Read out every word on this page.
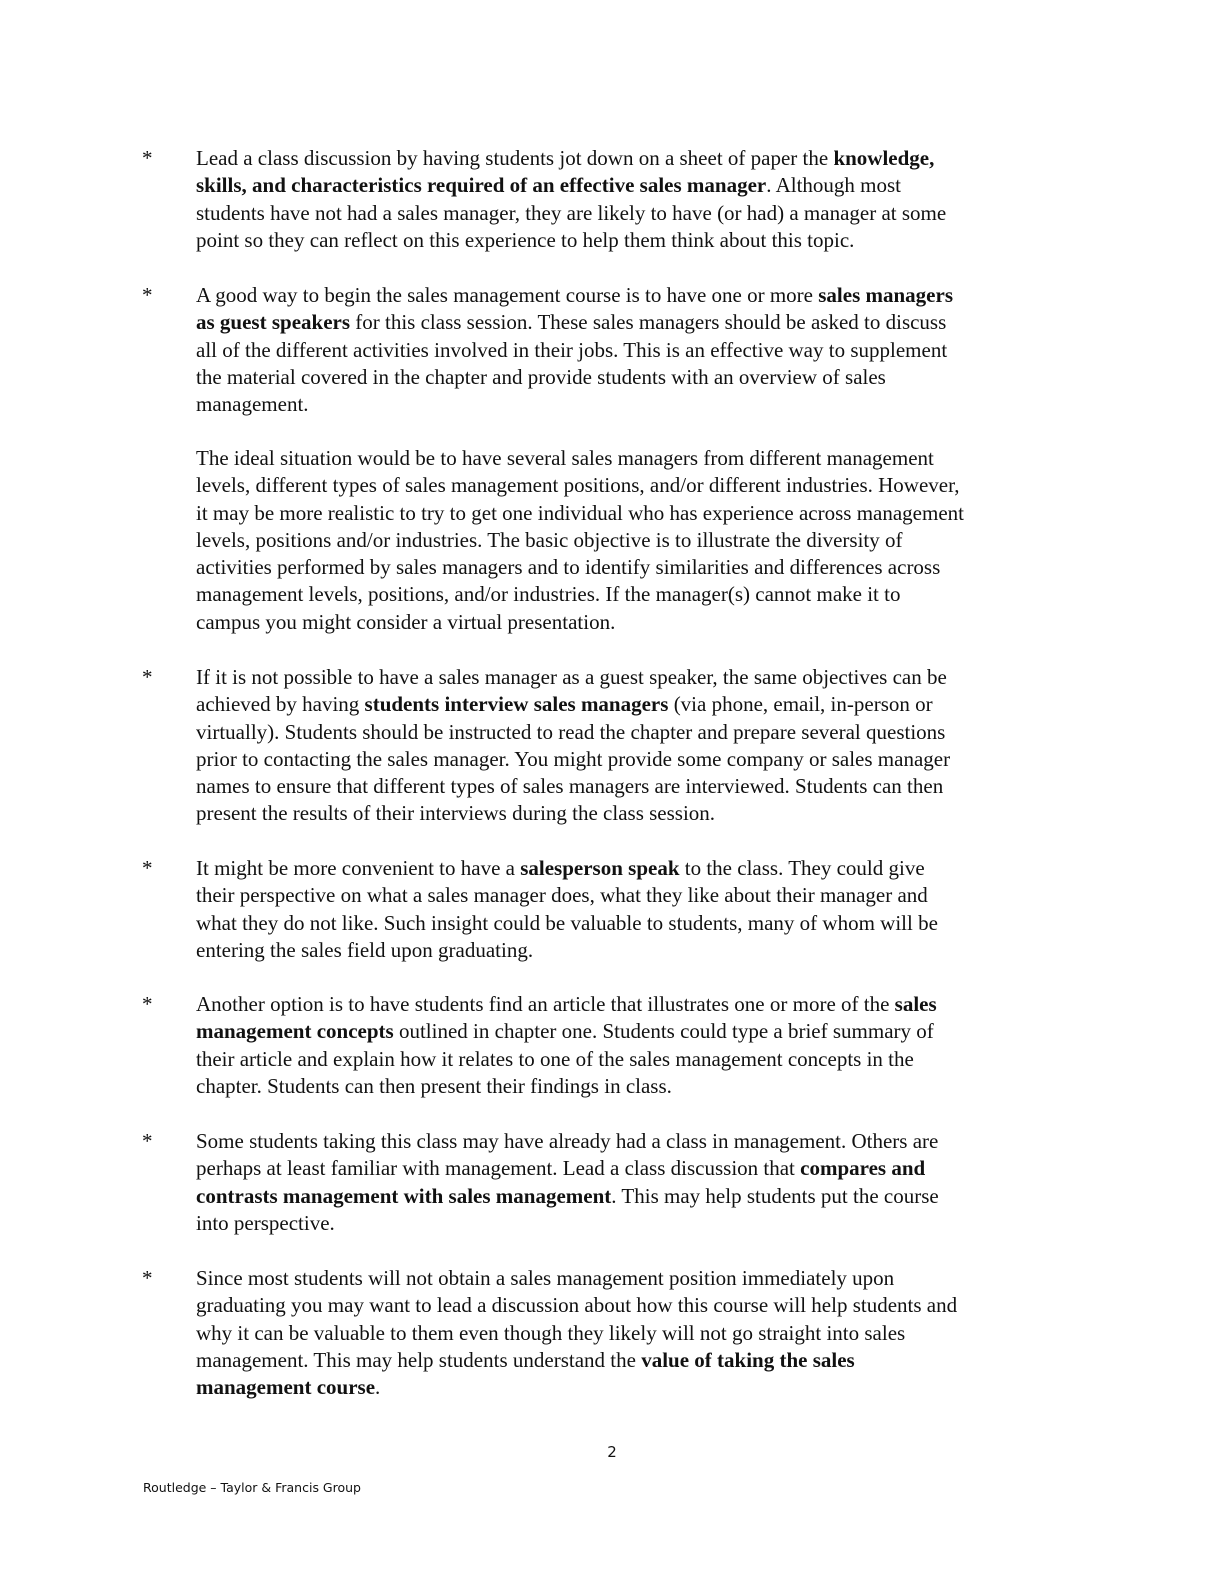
* Lead a class discussion by having students jot down on a sheet of paper the knowledge,
skills, and characteristics required of an effective sales manager. Although most
students have not had a sales manager, they are likely to have (or had) a manager at some
point so they can reflect on this experience to help them think about this topic.
* A good way to begin the sales management course is to have one or more sales managers
as guest speakers for this class session. These sales managers should be asked to discuss
all of the different activities involved in their jobs. This is an effective way to supplement
the material covered in the chapter and provide students with an overview of sales
management.
The ideal situation would be to have several sales managers from different management
levels, different types of sales management positions, and/or different industries. However,
it may be more realistic to try to get one individual who has experience across management
levels, positions and/or industries. The basic objective is to illustrate the diversity of
activities performed by sales managers and to identify similarities and differences across
management levels, positions, and/or industries. If the manager(s) cannot make it to
campus you might consider a virtual presentation.
* If it is not possible to have a sales manager as a guest speaker, the same objectives can be
achieved by having students interview sales managers (via phone, email, in-person or
virtually). Students should be instructed to read the chapter and prepare several questions
prior to contacting the sales manager. You might provide some company or sales manager
names to ensure that different types of sales managers are interviewed. Students can then
present the results of their interviews during the class session.
* It might be more convenient to have a salesperson speak to the class. They could give
their perspective on what a sales manager does, what they like about their manager and
what they do not like. Such insight could be valuable to students, many of whom will be
entering the sales field upon graduating.
* Another option is to have students find an article that illustrates one or more of the sales
management concepts outlined in chapter one. Students could type a brief summary of
their article and explain how it relates to one of the sales management concepts in the
chapter. Students can then present their findings in class.
* Some students taking this class may have already had a class in management. Others are
perhaps at least familiar with management. Lead a class discussion that compares and
contrasts management with sales management. This may help students put the course
into perspective.
* Since most students will not obtain a sales management position immediately upon
graduating you may want to lead a discussion about how this course will help students and
why it can be valuable to them even though they likely will not go straight into sales
management. This may help students understand the value of taking the sales
management course.
2
Routledge – Taylor & Francis Group
